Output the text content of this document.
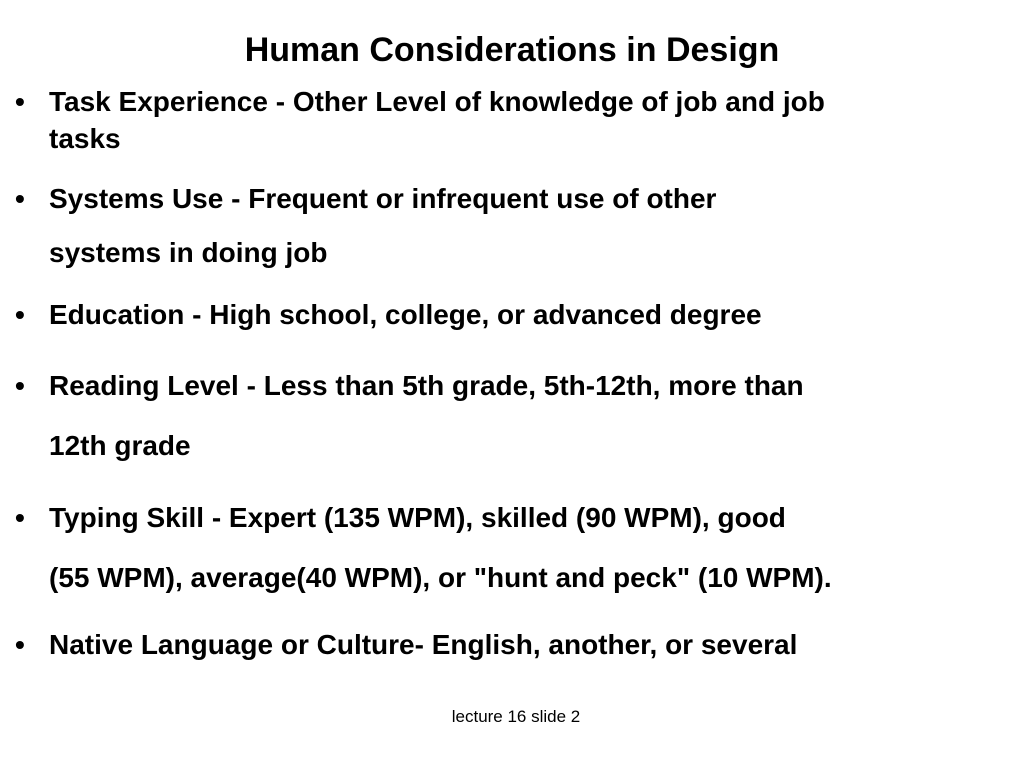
Human Considerations in Design
• Task Experience - Other Level of knowledge of job and job
tasks
• Systems Use - Frequent or infrequent use of other
systems in doing job
• Education - High school, college, or advanced degree
• Reading Level - Less than 5th grade, 5th-12th, more than
12th grade
• Typing Skill - Expert (135 WPM), skilled (90 WPM), good
(55 WPM), average(40 WPM), or "hunt and peck" (10 WPM).
• Native Language or Culture- English, another, or several
lecture 16 slide 2
